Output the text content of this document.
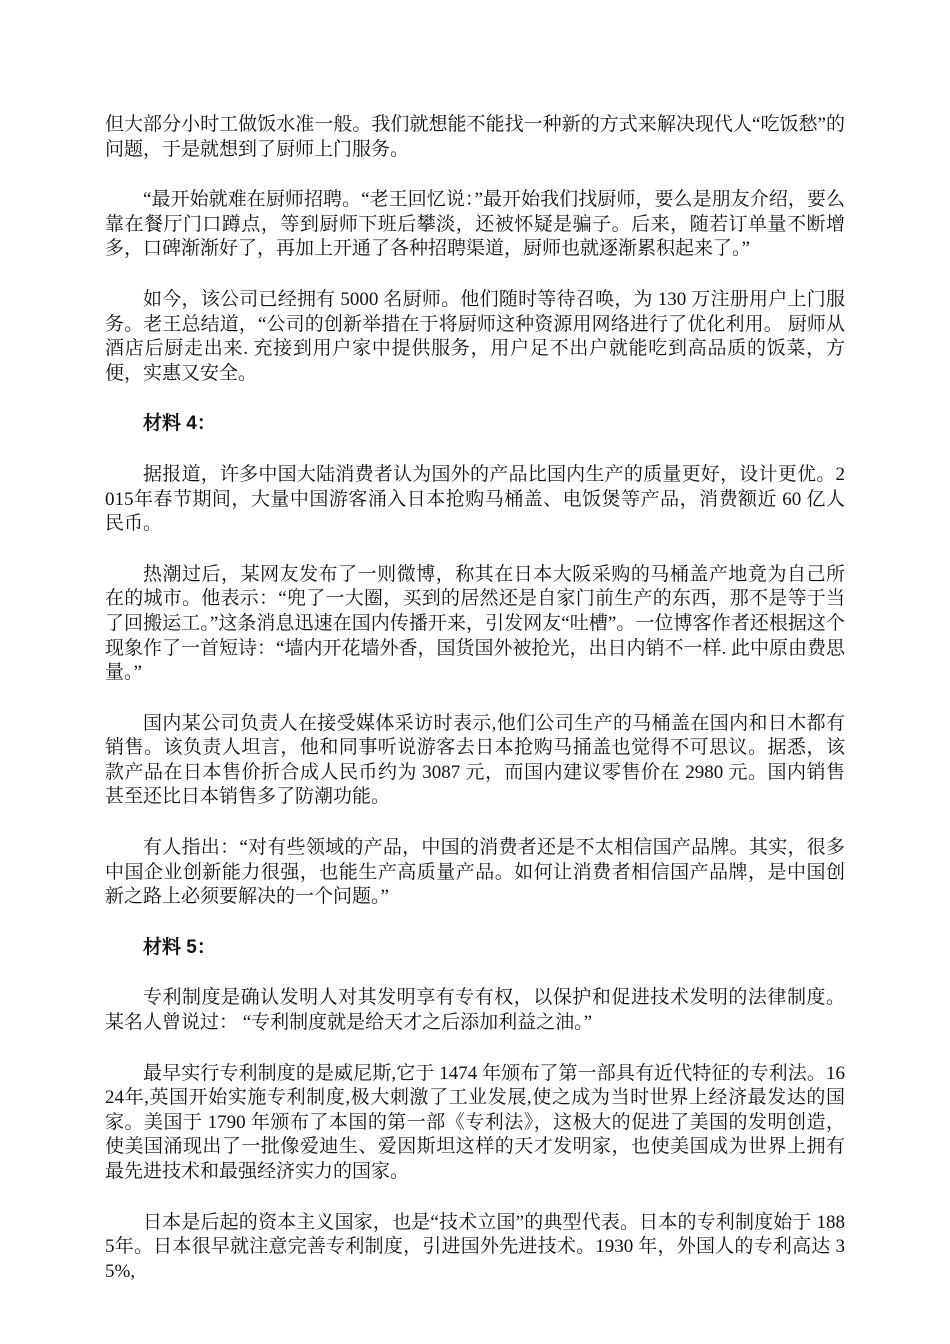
但大部分小时工做饭水准一般。我们就想能不能找一种新的方式来解决现代人“吃饭愁”的问题，于是就想到了厨师上门服务。

“最开始就难在厨师招聘。“老王回忆说：”最开始我们找厨师，要么是朋友介绍，要么靠在餐厅门口蹲点，等到厨师下班后攀淡，还被怀疑是骗子。后来，随若订单量不断增多，口碑渐渐好了，再加上开通了各种招聘渠道，厨师也就逐渐累积起来了。”

如今，该公司已经拥有 5000 名厨师。他们随时等待召唤，为 130 万注册用户上门服务。老王总结道，“公司的创新举措在于将厨师这种资源用网络进行了优化利用。 厨师从酒店后厨走出来. 充接到用户家中提供服务，用户足不出户就能吃到高品质的饭菜，方便，实惠又安全。

材料 4：

据报道，许多中国大陆消费者认为国外的产品比国内生产的质量更好，设计更优。2015年春节期间，大量中国游客涌入日本抢购马桶盖、电饭煲等产品，消费额近 60 亿人民币。

热潮过后，某网友发布了一则微博，称其在日本大阪采购的马桶盖产地竟为自己所在的城市。他表示：“兜了一大圈，买到的居然还是自家门前生产的东西，那不是等于当了回搬运工。”这条消息迅速在国内传播开来，引发网友“吐槽”。一位博客作者还根据这个现象作了一首短诗：“墙内开花墙外香，国货国外被抢光，出日内销不一样. 此中原由费思量。”

国内某公司负责人在接受媒体采访时表示,他们公司生产的马桶盖在国内和日木都有销售。该负责人坦言，他和同事听说游客去日本抢购马捅盖也觉得不可思议。据悉，该款产品在日本售价折合成人民币约为 3087 元，而国内建议零售价在 2980 元。国内销售甚至还比日本销售多了防潮功能。

有人指出：“对有些领域的产品，中国的消费者还是不太相信国产品牌。其实，很多中国企业创新能力很强，也能生产高质量产品。如何让消费者相信国产品牌，是中国创新之路上必须要解决的一个问题。”

材料 5：

专利制度是确认发明人对其发明享有专有权，以保护和促进技术发明的法律制度。某名人曾说过： “专利制度就是给天才之后添加利益之油。”

最早实行专利制度的是威尼斯,它于 1474 年颁布了第一部具有近代特征的专利法。1624年,英国开始实施专利制度,极大刺激了工业发展,使之成为当时世界上经济最发达的国家。美国于 1790 年颁布了本国的第一部《专利法》，这极大的促进了美国的发明创造，使美国涌现出了一批像爱迪生、爱因斯坦这样的天才发明家，也使美国成为世界上拥有最先进技术和最强经济实力的国家。

日本是后起的资本主义国家，也是“技术立国”的典型代表。日本的专利制度始于 1885年。日本很早就注意完善专利制度，引进国外先进技术。1930 年，外国人的专利高达 35%,
